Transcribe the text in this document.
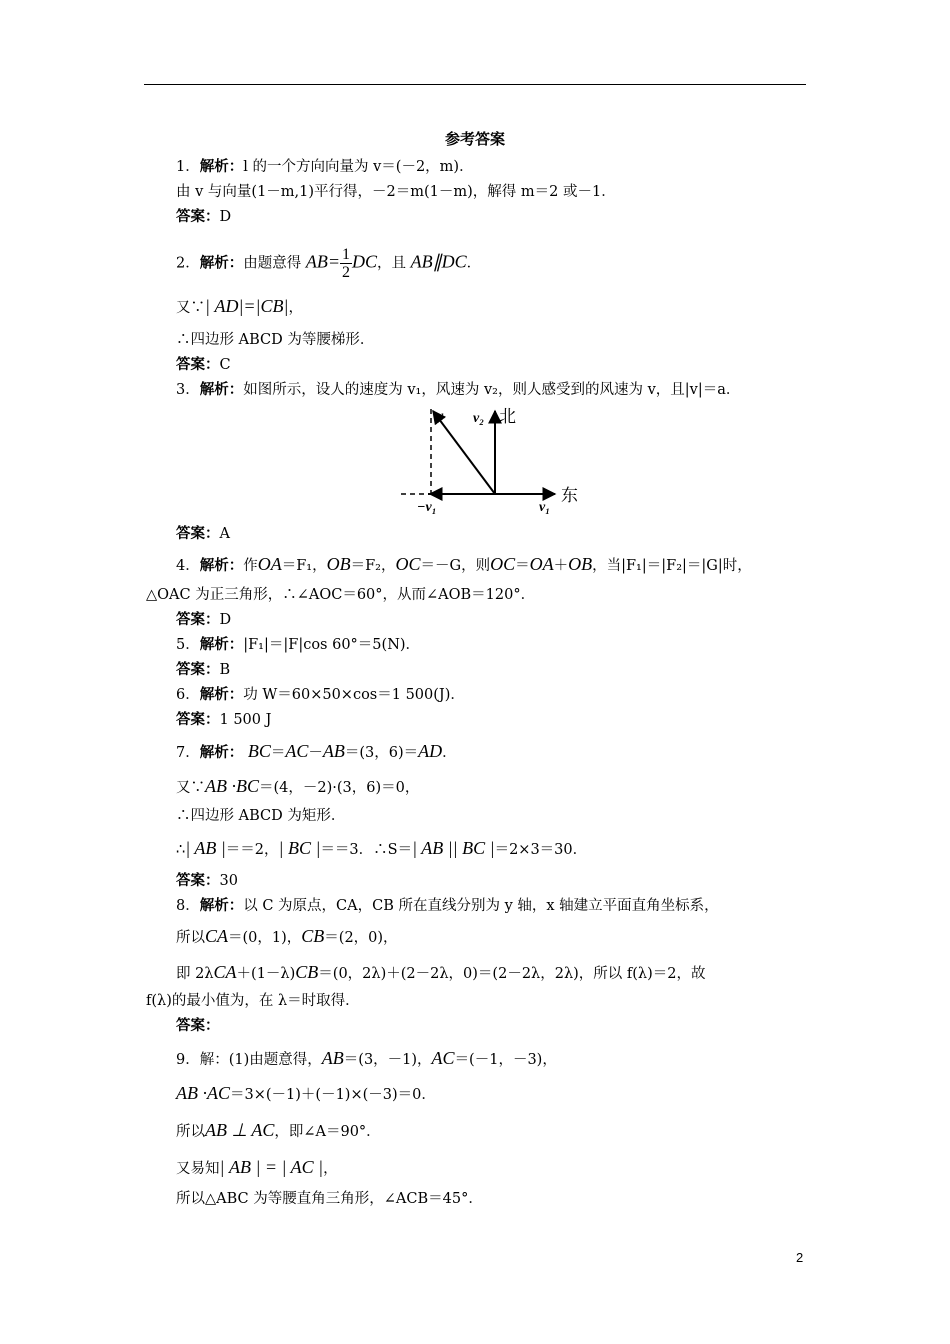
参考答案
1．解析：l 的一个方向向量为 v＝(－2，m)．
由 v 与向量(1－m,1)平行得，－2＝m(1－m)，解得 m＝2 或－1．
答案：D
2．解析：由题意得 $AB= \frac{1}{2}$ DC，且 AB∥DC．
又∵| AD|=|CB|，
∴四边形 ABCD 为等腰梯形．
答案：C
3．解析：如图所示，设人的速度为 v₁，风速为 v₂，则人感受到的风速为 v，且|v|＝a．
v v₂ 北
−v₁	v₁
东
答案：A
4．解析：作OA＝F₁，OB＝F₂，OC＝－G，则OC＝OA＋OB，当|F₁|＝|F₂|＝|G|时，
△OAC 为正三角形，∴∠AOC＝60°，从而∠AOB＝120°．
答案：D
5．解析：|F₁|＝|F|cos 60°＝5(N)．
答案：B
6．解析：功 W＝60×50×cos＝1 500(J)．
答案：1 500 J
7．解析： BC＝AC－AB＝(3，6)＝AD．
又∵AB ·BC＝(4，－2)·(3，6)＝0，
∴四边形 ABCD 为矩形．
∴| AB |＝＝2，| BC |＝＝3．∴S＝| AB || BC |＝2×3＝30．
答案：30
8．解析：以 C 为原点，CA，CB 所在直线分别为 y 轴，x 轴建立平面直角坐标系，
所以CA＝(0，1)，CB＝(2，0)，
即 2λCA＋(1－λ)CB＝(0，2λ)＋(2－2λ，0)＝(2－2λ，2λ)，所以 f(λ)＝2，故
f(λ)的最小值为，在 λ＝时取得．
答案：
9．解：(1)由题意得，AB＝(3，－1)，AC＝(－1，－3)，
AB ·AC＝3×(－1)＋(－1)×(－3)＝0．
所以AB ⊥ AC，即∠A＝90°．
又易知| AB | = | AC |，
所以△ABC 为等腰直角三角形，∠ACB＝45°．
2
